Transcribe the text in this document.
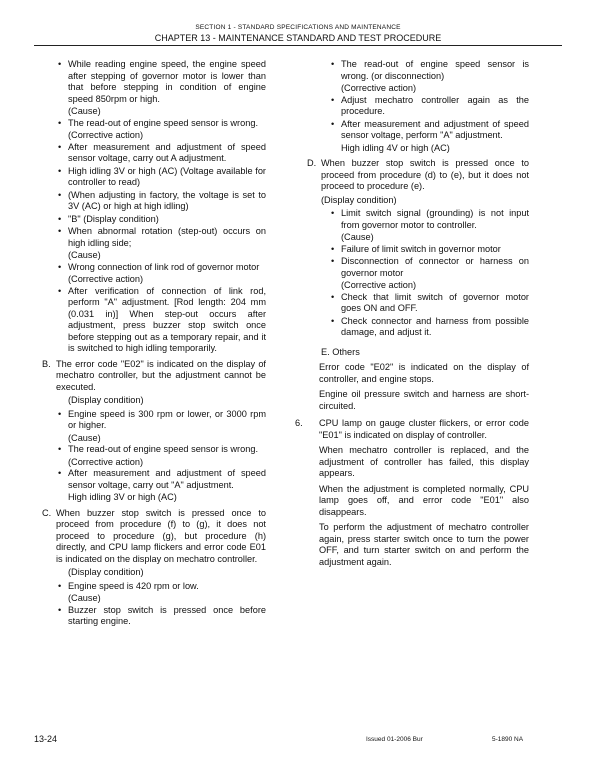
SECTION 1 - STANDARD SPECIFICATIONS AND MAINTENANCE
CHAPTER 13 - MAINTENANCE STANDARD AND TEST PROCEDURE
• While reading engine speed, the engine speed after stepping of governor motor is lower than that before stepping in condition of engine speed 850rpm or high.
(Cause)
• The read-out of engine speed sensor is wrong.
(Corrective action)
• After measurement and adjustment of speed sensor voltage, carry out A adjustment.
• High idling 3V or high (AC) (Voltage available for controller to read)
• (When adjusting in factory, the voltage is set to 3V (AC) or high at high idling)
• "B" (Display condition)
• When abnormal rotation (step-out) occurs on high idling side;
(Cause)
• Wrong connection of link rod of governor motor
(Corrective action)
• After verification of connection of link rod, perform "A" adjustment. [Rod length: 204 mm (0.031 in)] When step-out occurs after adjustment, press buzzer stop switch once before stepping out as a temporary repair, and it is switched to high idling temporarily.
B. The error code "E02" is indicated on the display of mechatro controller, but the adjustment cannot be executed.
(Display condition)
• Engine speed is 300 rpm or lower, or 3000 rpm or higher.
(Cause)
• The read-out of engine speed sensor is wrong.
(Corrective action)
• After measurement and adjustment of speed sensor voltage, carry out "A" adjustment.
High idling 3V or high (AC)
C. When buzzer stop switch is pressed once to proceed from procedure (f) to (g), it does not proceed to procedure (g), but procedure (h) directly, and CPU lamp flickers and error code E01 is indicated on the display on mechatro controller.
(Display condition)
• Engine speed is 420 rpm or low.
(Cause)
• Buzzer stop switch is pressed once before starting engine.
• The read-out of engine speed sensor is wrong. (or disconnection)
(Corrective action)
• Adjust mechatro controller again as the procedure.
• After measurement and adjustment of speed sensor voltage, perform "A" adjustment.
High idling 4V or high (AC)
D. When buzzer stop switch is pressed once to proceed from procedure (d) to (e), but it does not proceed to procedure (e).
(Display condition)
• Limit switch signal (grounding) is not input from governor motor to controller.
(Cause)
• Failure of limit switch in governor motor
• Disconnection of connector or harness on governor motor
(Corrective action)
• Check that limit switch of governor motor goes ON and OFF.
• Check connector and harness from possible damage, and adjust it.
E. Others
Error code "E02" is indicated on the display of controller, and engine stops.
Engine oil pressure switch and harness are short-circuited.
6. CPU lamp on gauge cluster flickers, or error code "E01" is indicated on display of controller.
When mechatro controller is replaced, and the adjustment of controller has failed, this display appears.
When the adjustment is completed normally, CPU lamp goes off, and error code "E01" also disappears.
To perform the adjustment of mechatro controller again, press starter switch once to turn the power OFF, and turn starter switch on and perform the adjustment again.
13-24	Issued 01-2006 Bur	5-1890 NA
